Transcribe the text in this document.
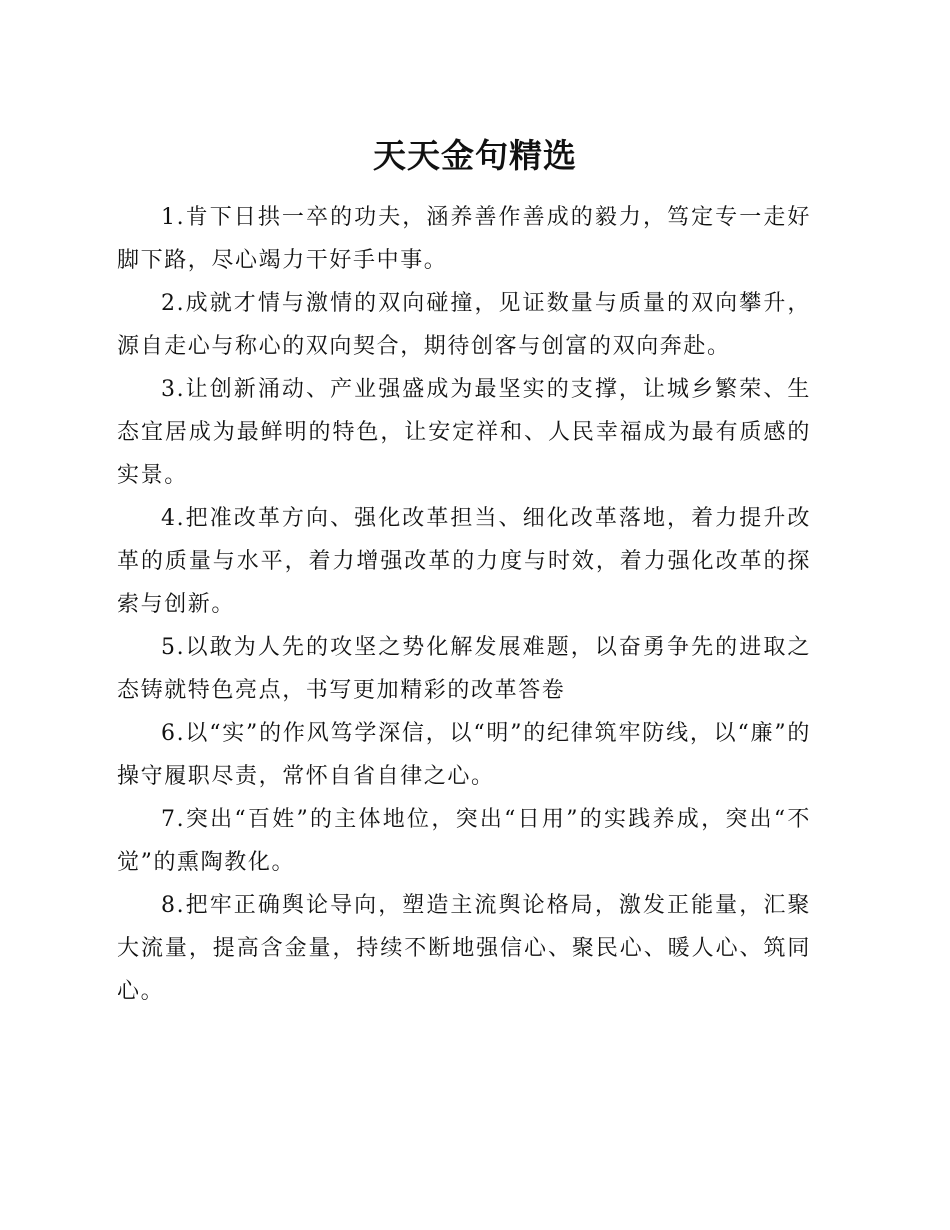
天天金句精选

1.肯下日拱一卒的功夫，涵养善作善成的毅力，笃定专一走好脚下路，尽心竭力干好手中事。

2.成就才情与激情的双向碰撞，见证数量与质量的双向攀升，源自走心与称心的双向契合，期待创客与创富的双向奔赴。

3.让创新涌动、产业强盛成为最坚实的支撑，让城乡繁荣、生态宜居成为最鲜明的特色，让安定祥和、人民幸福成为最有质感的实景。

4.把准改革方向、强化改革担当、细化改革落地，着力提升改革的质量与水平，着力增强改革的力度与时效，着力强化改革的探索与创新。

5.以敢为人先的攻坚之势化解发展难题，以奋勇争先的进取之态铸就特色亮点，书写更加精彩的改革答卷

6.以“实”的作风笃学深信，以“明”的纪律筑牢防线，以“廉”的操守履职尽责，常怀自省自律之心。

7.突出“百姓”的主体地位，突出“日用”的实践养成，突出“不觉”的熏陶教化。

8.把牢正确舆论导向，塑造主流舆论格局，激发正能量，汇聚大流量，提高含金量，持续不断地强信心、聚民心、暖人心、筑同心。
